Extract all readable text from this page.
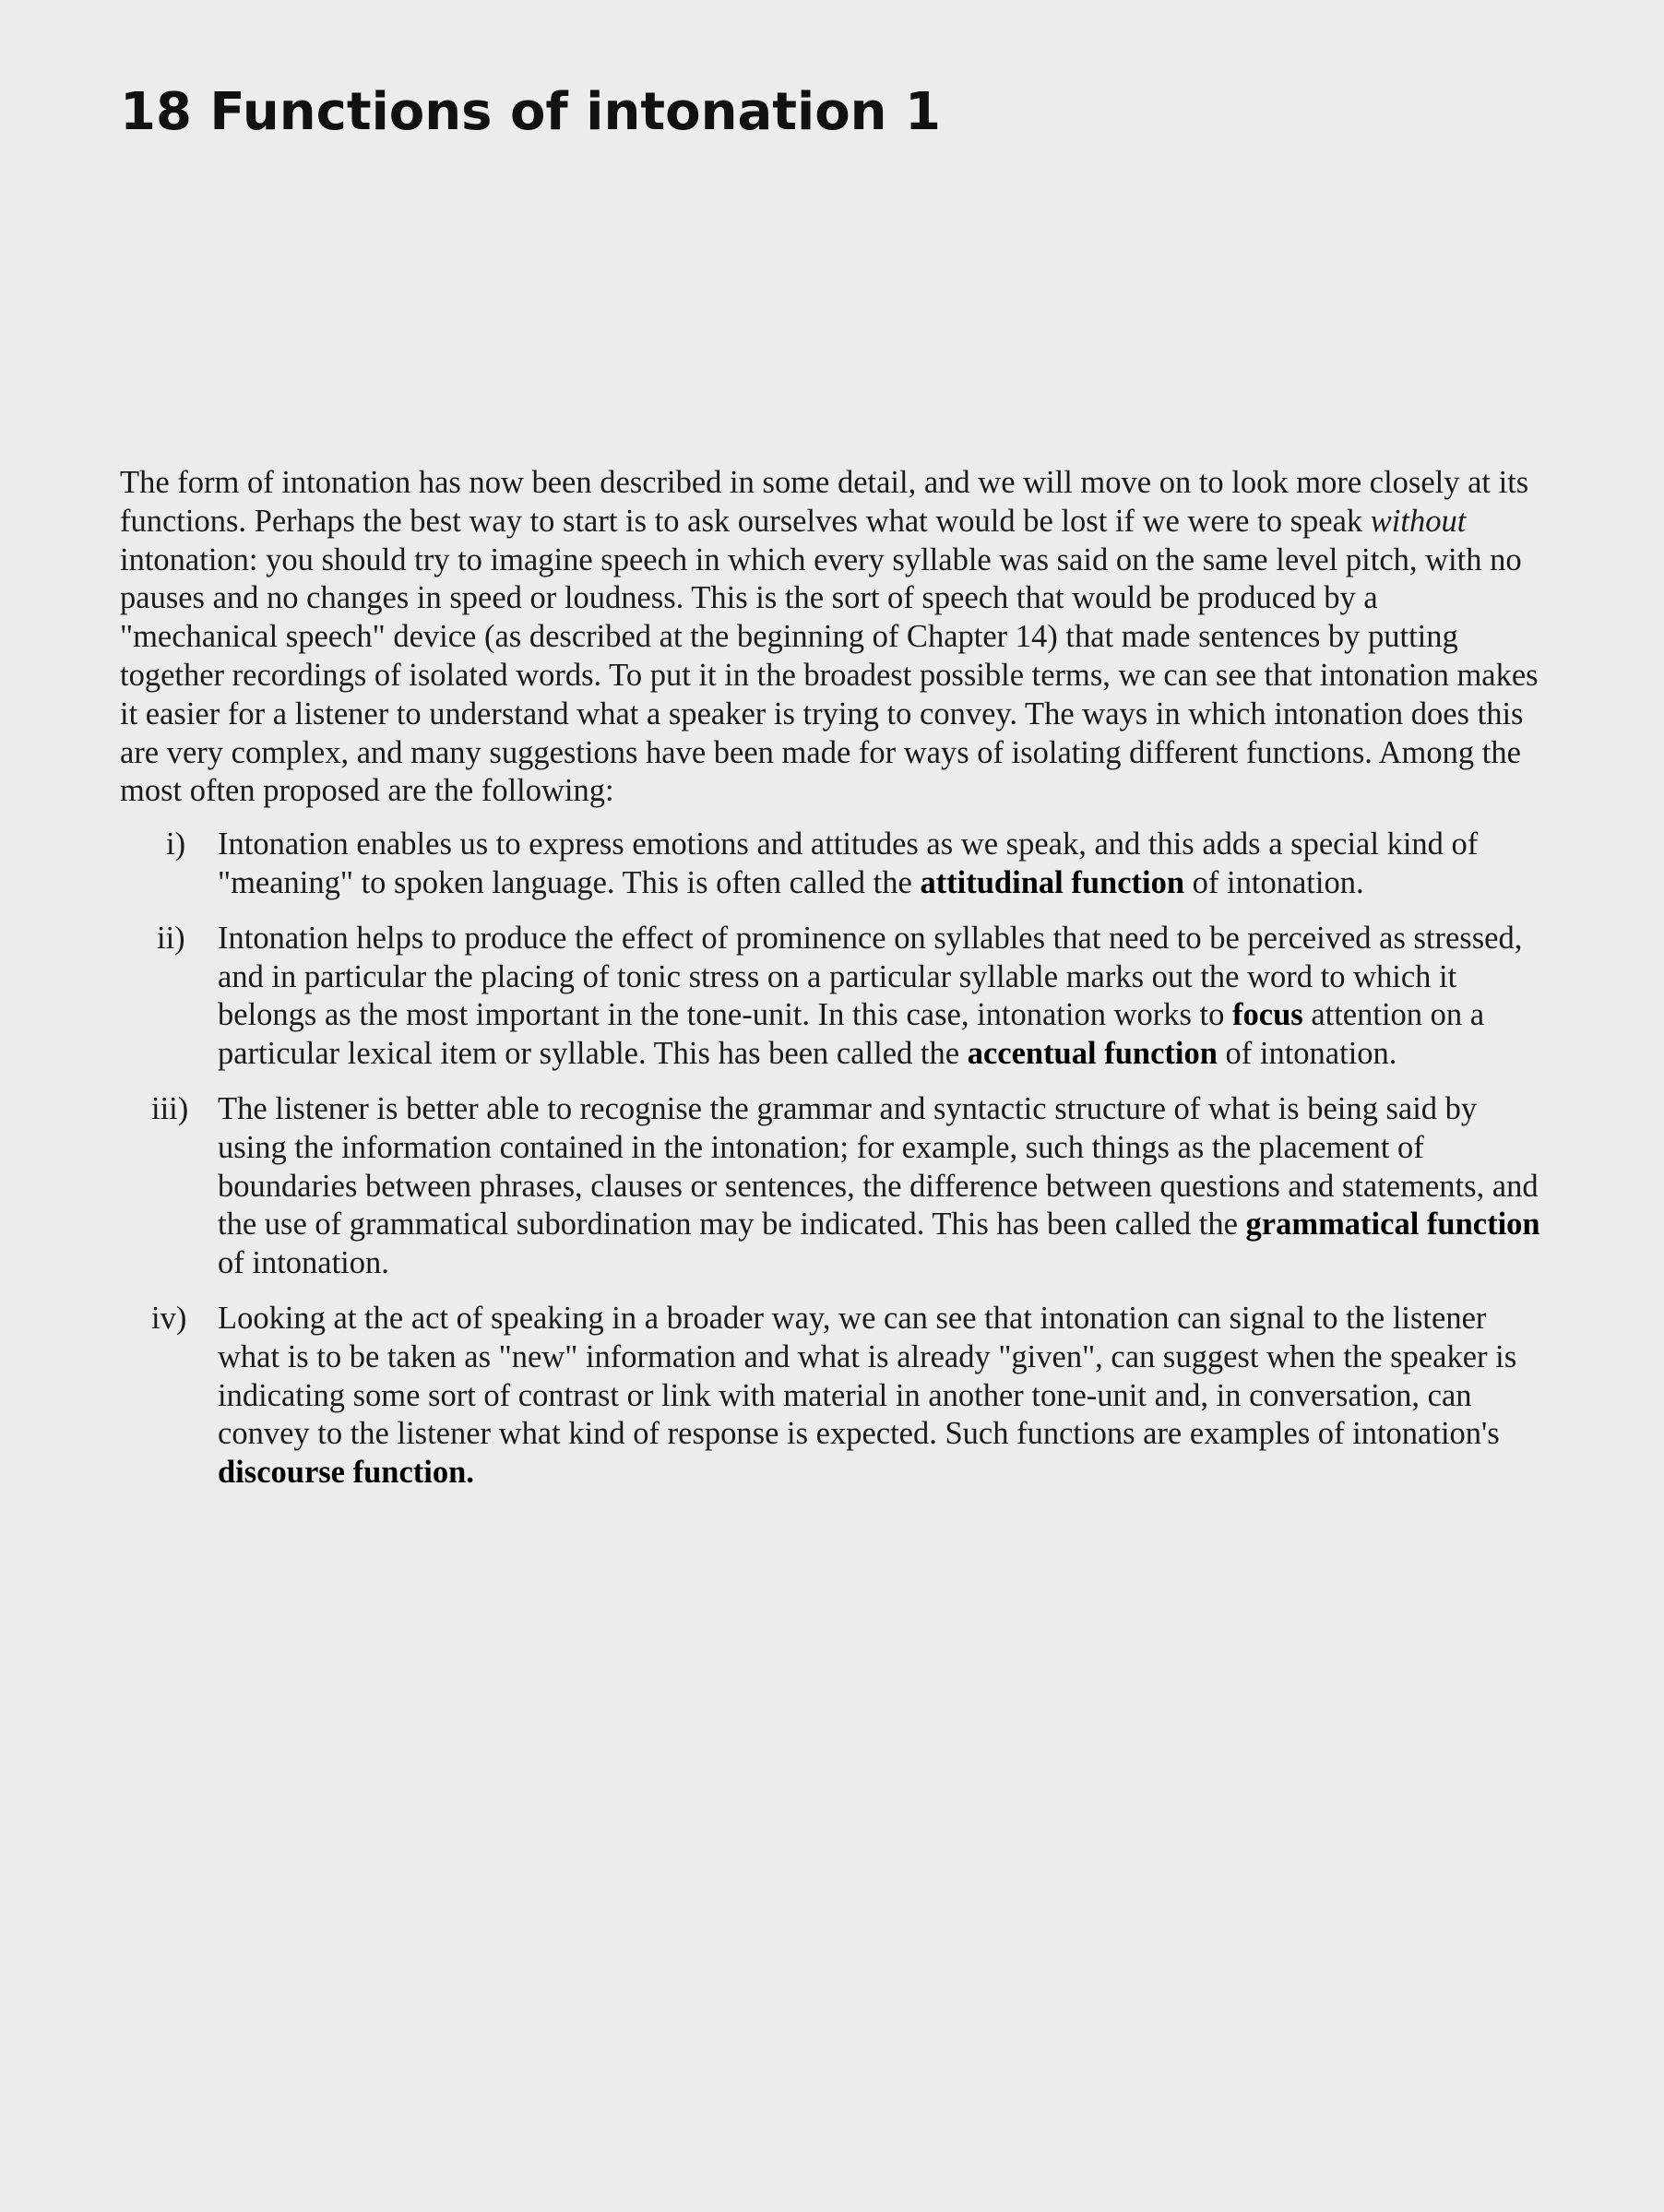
18 Functions of intonation 1

The form of intonation has now been described in some detail, and we will move on to look more closely at its functions. Perhaps the best way to start is to ask ourselves what would be lost if we were to speak without intonation: you should try to imagine speech in which every syllable was said on the same level pitch, with no pauses and no changes in speed or loudness. This is the sort of speech that would be produced by a "mechanical speech" device (as described at the beginning of Chapter 14) that made sentences by putting together recordings of isolated words. To put it in the broadest possible terms, we can see that intonation makes it easier for a listener to understand what a speaker is trying to convey. The ways in which intonation does this are very complex, and many suggestions have been made for ways of isolating different functions. Among the most often proposed are the following:

i) Intonation enables us to express emotions and attitudes as we speak, and this adds a special kind of "meaning" to spoken language. This is often called the attitudinal function of intonation.
ii) Intonation helps to produce the effect of prominence on syllables that need to be perceived as stressed, and in particular the placing of tonic stress on a particular syllable marks out the word to which it belongs as the most important in the tone-unit. In this case, intonation works to focus attention on a particular lexical item or syllable. This has been called the accentual function of intonation.
iii) The listener is better able to recognise the grammar and syntactic structure of what is being said by using the information contained in the intonation; for example, such things as the placement of boundaries between phrases, clauses or sentences, the difference between questions and statements, and the use of grammatical subordination may be indicated. This has been called the grammatical function of intonation.
iv) Looking at the act of speaking in a broader way, we can see that intonation can signal to the listener what is to be taken as "new" information and what is already "given", can suggest when the speaker is indicating some sort of contrast or link with material in another tone-unit and, in conversation, can convey to the listener what kind of response is expected. Such functions are examples of intonation's discourse function.
